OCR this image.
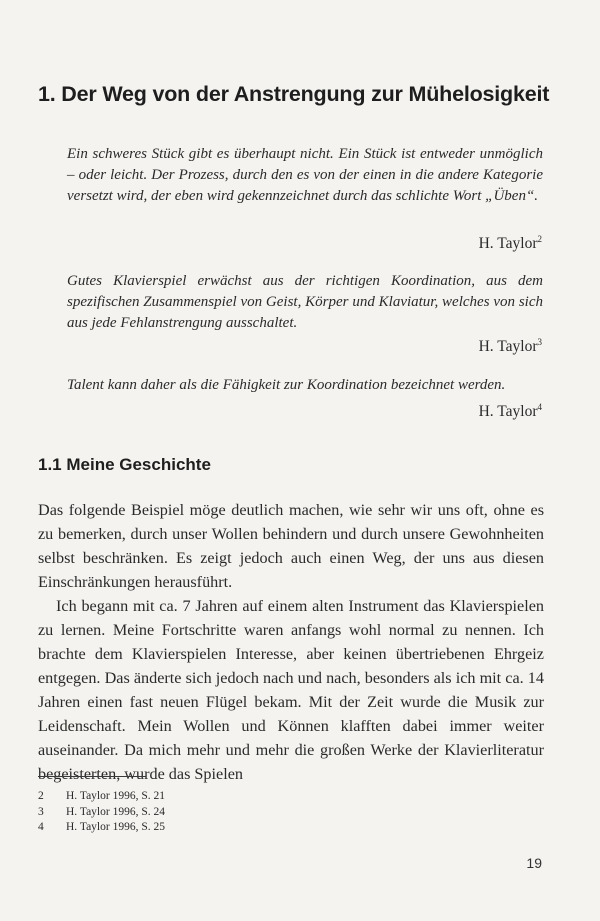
1. Der Weg von der Anstrengung zur Mühelosigkeit

Ein schweres Stück gibt es überhaupt nicht. Ein Stück ist entweder unmöglich – oder leicht. Der Prozess, durch den es von der einen in die andere Kategorie versetzt wird, der eben wird gekennzeichnet durch das schlichte Wort „Üben“.

H. Taylor$^2$

Gutes Klavierspiel erwächst aus der richtigen Koordination, aus dem spezifischen Zusammenspiel von Geist, Körper und Klaviatur, welches von sich aus jede Fehlanstrengung ausschaltet.

H. Taylor$^3$

Talent kann daher als die Fähigkeit zur Koordination bezeichnet werden.

H. Taylor$^4$
1.1 Meine Geschichte

Das folgende Beispiel möge deutlich machen, wie sehr wir uns oft, ohne es zu bemerken, durch unser Wollen behindern und durch unsere Gewohnheiten selbst beschränken. Es zeigt jedoch auch einen Weg, der uns aus diesen Einschränkungen herausführt.

Ich begann mit ca. 7 Jahren auf einem alten Instrument das Klavierspielen zu lernen. Meine Fortschritte waren anfangs wohl normal zu nennen. Ich brachte dem Klavierspielen Interesse, aber keinen übertriebenen Ehrgeiz entgegen. Das änderte sich jedoch nach und nach, besonders als ich mit ca. 14 Jahren einen fast neuen Flügel bekam. Mit der Zeit wurde die Musik zur Leidenschaft. Mein Wollen und Können klafften dabei immer weiter auseinander. Da mich mehr und mehr die großen Werke der Klavierliteratur begeisterten, wurde das Spielen

2	H. Taylor 1996, S. 21
3	H. Taylor 1996, S. 24
4	H. Taylor 1996, S. 25
19
